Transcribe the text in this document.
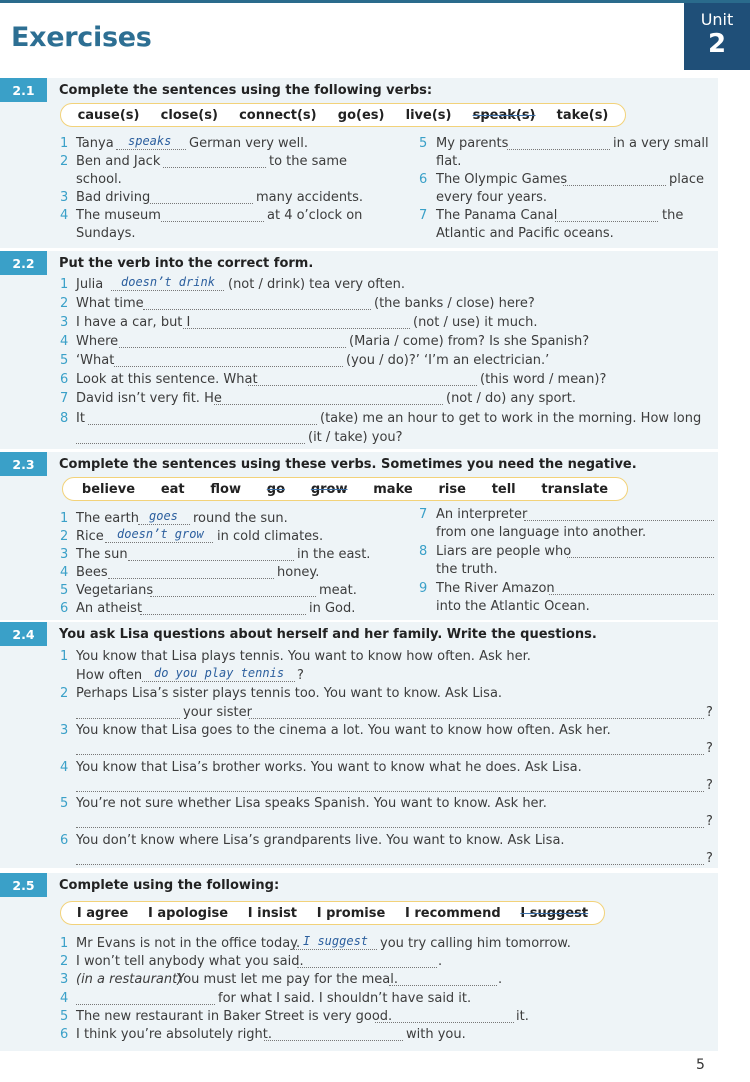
Exercises
Unit
2
2.1	Complete the sentences using the following verbs:
cause(s) close(s) connect(s) go(es) live(s) speak(s) take(s)
1 Tanya speaks German very well.
2 Ben and Jack	to the same
school.
3 Bad driving	many accidents.
4 The museum	at 4 o’clock on
Sundays.
5 My parents	in a very small
flat.
6 The Olympic Games	place
every four years.
7 The Panama Canal	the
Atlantic and Pacific oceans.
2.2	Put the verb into the correct form.
1 Julia doesn’t drink (not / drink) tea very often.
2 What time	(the banks / close) here?
3 I have a car, but I	(not / use) it much.
4 Where	(Maria / come) from? Is she Spanish?
5 ‘What	(you / do)?’ ‘I’m an electrician.’
6 Look at this sentence. What	(this word / mean)?
7 David isn’t very fit. He	(not / do) any sport.
8 It	(take) me an hour to get to work in the morning. How long
(it / take) you?
2.3	Complete the sentences using these verbs. Sometimes you need the negative.
believe eat flow go grow make rise tell translate
1 The earth goes round the sun.
2 Rice doesn’t grow in cold climates.
3 The sun	in the east.
4 Bees	honey.
5 Vegetarians	meat.
6 An atheist	in God.
7 An interpreter
from one language into another.
8 Liars are people who
the truth.
9 The River Amazon
into the Atlantic Ocean.
2.4	You ask Lisa questions about herself and her family. Write the questions.
1 You know that Lisa plays tennis. You want to know how often. Ask her.
How often do you play tennis ?
2 Perhaps Lisa’s sister plays tennis too. You want to know. Ask Lisa.
your sister	?
3 You know that Lisa goes to the cinema a lot. You want to know how often. Ask her.
?
4 You know that Lisa’s brother works. You want to know what he does. Ask Lisa.
?
5 You’re not sure whether Lisa speaks Spanish. You want to know. Ask her.
?
6 You don’t know where Lisa’s grandparents live. You want to know. Ask Lisa.
?
2.5	Complete using the following:
I agree I apologise I insist I promise I recommend I suggest
1 Mr Evans is not in the office today. I suggest you try calling him tomorrow.
2 I won’t tell anybody what you said.	.
3 (in a restaurant)
You must let me pay for the meal.	.
4	for what I said. I shouldn’t have said it.
5 The new restaurant in Baker Street is very good.	it.
6 I think you’re absolutely right.	with you.
5
